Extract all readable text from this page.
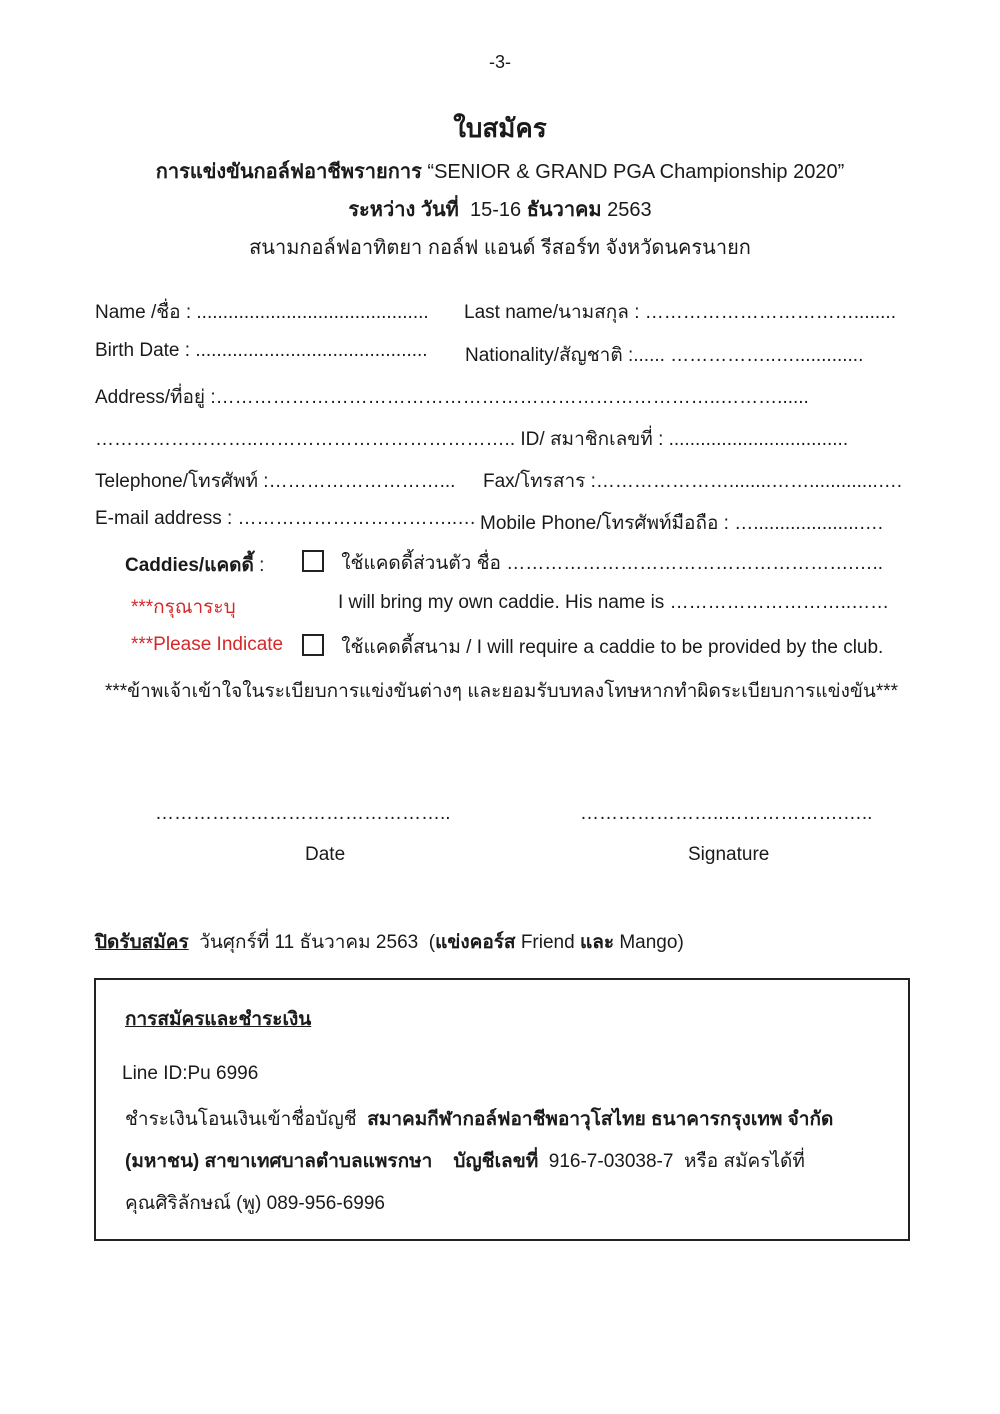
-3-
ใบสมัคร
การแข่งขันกอล์ฟอาชีพรายการ “SENIOR & GRAND PGA Championship 2020”
ระหว่าง วันที่ 15-16 ธันวาคม 2563
สนามกอล์ฟอาทิตยา กอล์ฟ แอนด์ รีสอร์ท จังหวัดนครนายก
Name /ชื่อ : ............................................ Last name/นามสกุล : ……………………………........
Birth Date : ............................................ Nationality/สัญชาติ :...... ……………..….............
Address/ที่อยู่ :……………………………………………………………………..………......
……………………..………………………………….. ID/ สมาชิกเลขที่ : ..................................
Telephone/โทรศัพท์ :………………………... Fax/โทรสาร :…………………........…….............….
E-mail address : ……………………………..… Mobile Phone/โทรศัพท์มือถือ : …....................….
Caddies/แคดดี้ :	ใช้แคดดี้ส่วนตัว ชื่อ ……………………………………………….…..
***กรุณาระบุ	I will bring my own caddie. His name is ………………………..……
***Please Indicate	ใช้แคดดี้สนาม / I will require a caddie to be provided by the club.
***ข้าพเจ้าเข้าใจในระเบียบการแข่งขันต่างๆ และยอมรับบทลงโทษหากทำผิดระเบียบการแข่งขัน***
………………………………………..
Date
…………………..……………….…..
Signature
ปิดรับสมัคร วันศุกร์ที่ 11 ธันวาคม 2563 (แข่งคอร์ส Friend และ Mango)
การสมัครและชำระเงิน
Line ID:Pu 6996
ชำระเงินโอนเงินเข้าชื่อบัญชี สมาคมกีฬากอล์ฟอาชีพอาวุโสไทย ธนาคารกรุงเทพ จำกัด
(มหาชน) สาขาเทศบาลตำบลแพรกษา บัญชีเลขที่ 916-7-03038-7 หรือ สมัครได้ที่
คุณศิริลักษณ์ (พู) 089-956-6996
